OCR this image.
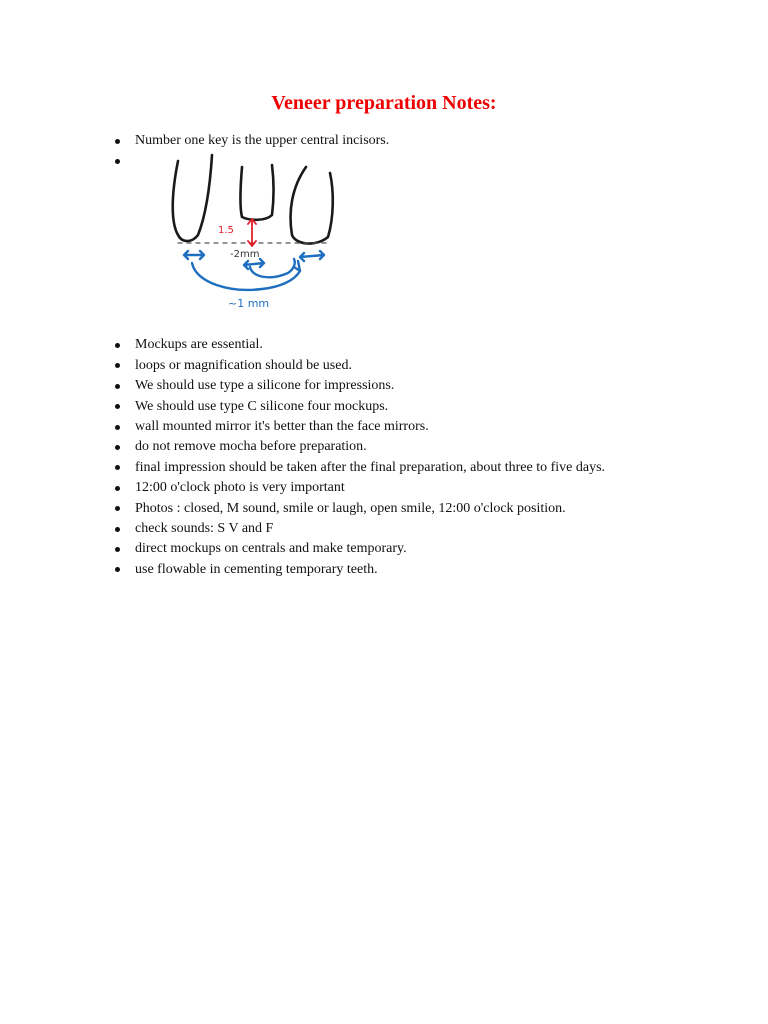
Veneer preparation Notes:
Number one key is the upper central incisors.
1.5
-2mm
~1 mm
Mockups are essential.
loops or magnification should be used.
We should use type a silicone for impressions.
We should use type C silicone four mockups.
wall mounted mirror it's better than the face mirrors.
do not remove mocha before preparation.
final impression should be taken after the final preparation, about three to five days.
12:00 o'clock photo is very important
Photos : closed, M sound, smile or laugh, open smile, 12:00 o'clock position.
check sounds: S V and F
direct mockups on centrals and make temporary.
use flowable in cementing temporary teeth.
